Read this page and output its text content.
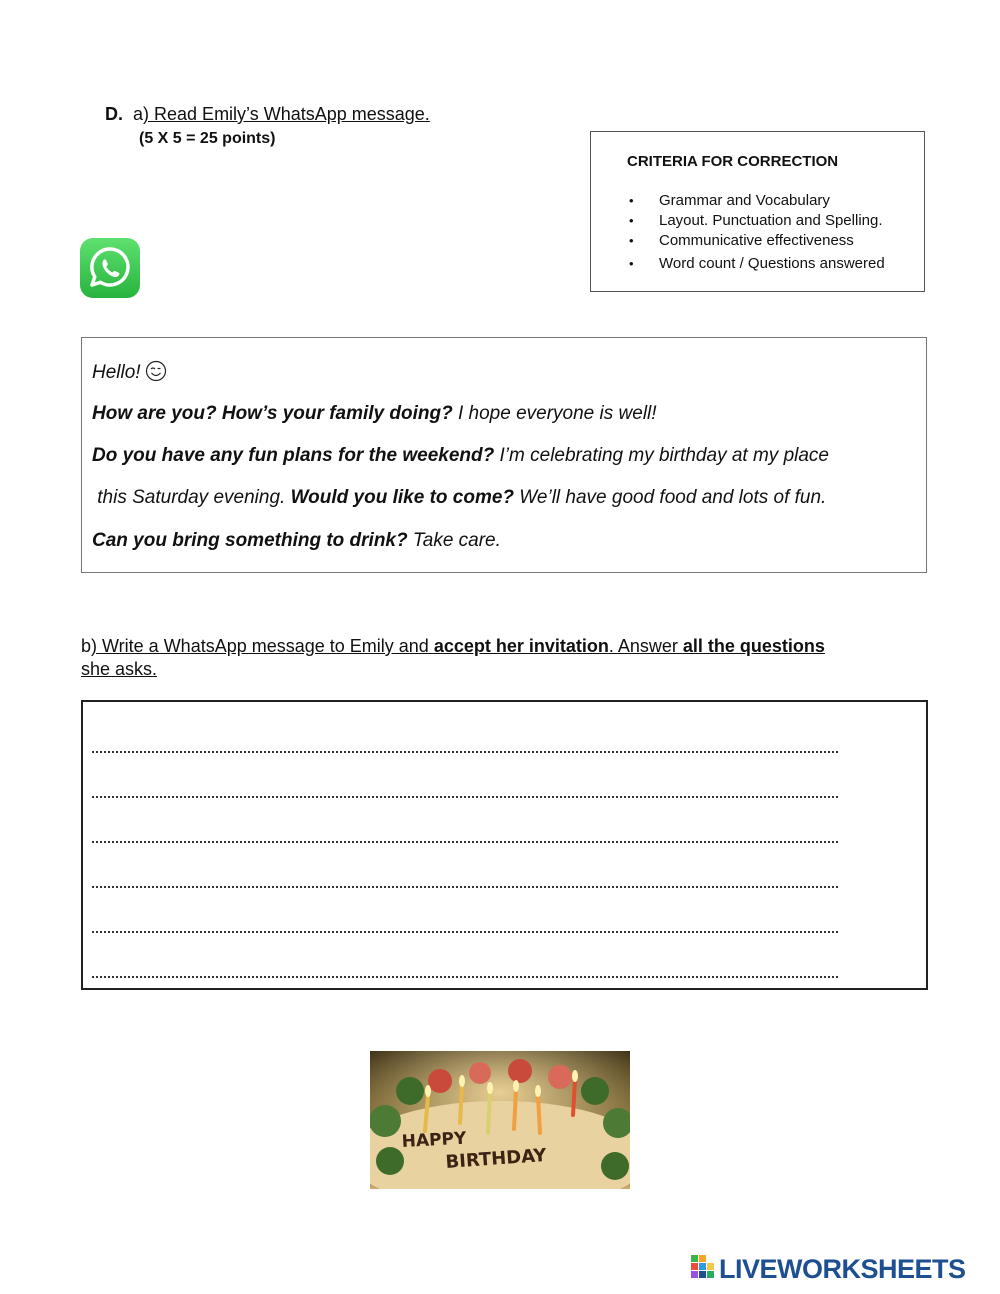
D. a) Read Emily’s WhatsApp message.
(5 X 5 = 25 points)
CRITERIA FOR CORRECTION
• Grammar and Vocabulary
• Layout. Punctuation and Spelling.
• Communicative effectiveness
• Word count / Questions answered
Hello!
How are you? How’s your family doing? I hope everyone is well!
Do you have any fun plans for the weekend? I’m celebrating my birthday at my place
this Saturday evening. Would you like to come? We’ll have good food and lots of fun.
Can you bring something to drink? Take care.
b) Write a WhatsApp message to Emily and accept her invitation. Answer all the questions
she asks.
HAPPY
BIRTHDAY
LIVEWORKSHEETS
